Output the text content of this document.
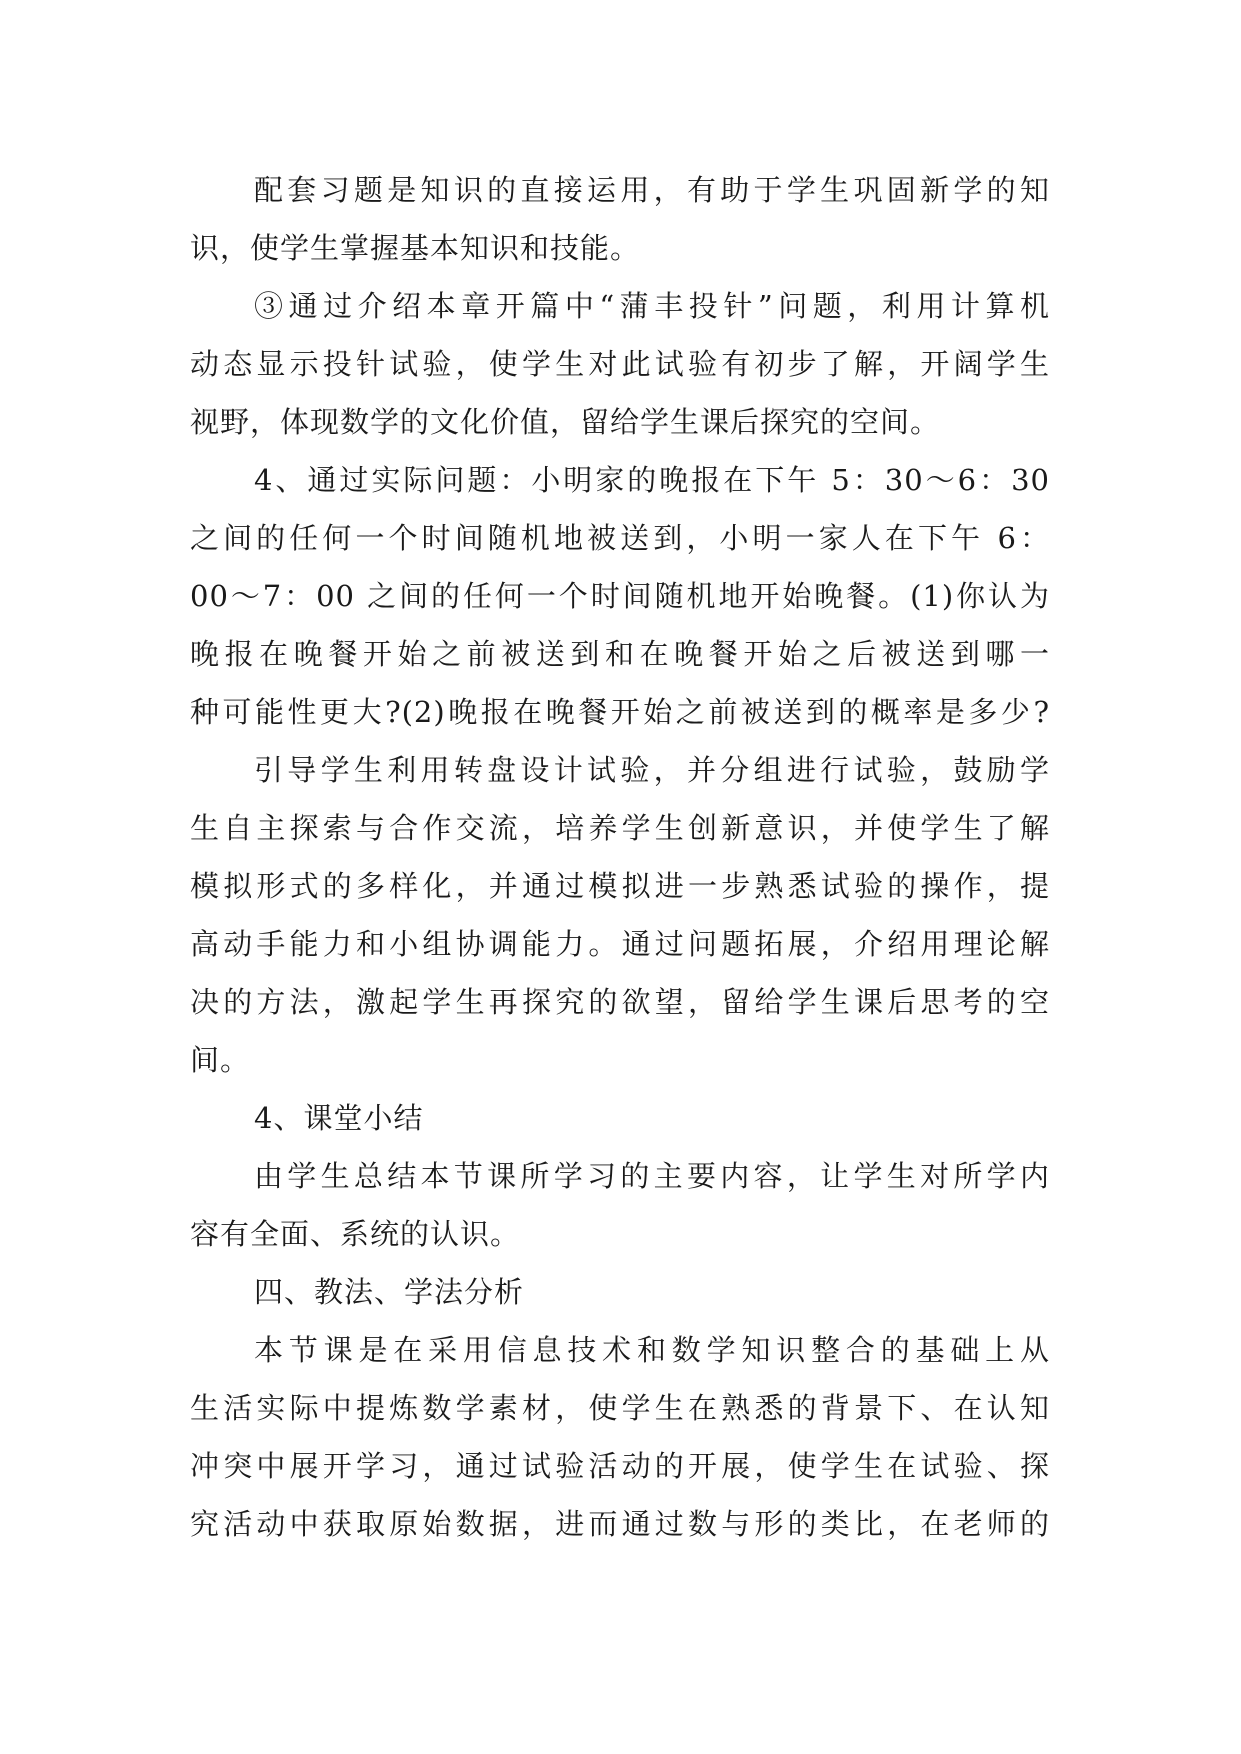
配套习题是知识的直接运用，有助于学生巩固新学的知
识，使学生掌握基本知识和技能。
③通过介绍本章开篇中“蒲丰投针”问题，利用计算机
动态显示投针试验，使学生对此试验有初步了解，开阔学生
视野，体现数学的文化价值，留给学生课后探究的空间。
4、通过实际问题：小明家的晚报在下午 5：30～6：30
之间的任何一个时间随机地被送到，小明一家人在下午 6：
00～7：00 之间的任何一个时间随机地开始晚餐。(1)你认为
晚报在晚餐开始之前被送到和在晚餐开始之后被送到哪一
种可能性更大?(2)晚报在晚餐开始之前被送到的概率是多少?
引导学生利用转盘设计试验，并分组进行试验，鼓励学
生自主探索与合作交流，培养学生创新意识，并使学生了解
模拟形式的多样化，并通过模拟进一步熟悉试验的操作，提
高动手能力和小组协调能力。通过问题拓展，介绍用理论解
决的方法，激起学生再探究的欲望，留给学生课后思考的空
间。
4、课堂小结
由学生总结本节课所学习的主要内容，让学生对所学内
容有全面、系统的认识。
四、教法、学法分析
本节课是在采用信息技术和数学知识整合的基础上从
生活实际中提炼数学素材，使学生在熟悉的背景下、在认知
冲突中展开学习，通过试验活动的开展，使学生在试验、探
究活动中获取原始数据，进而通过数与形的类比，在老师的
